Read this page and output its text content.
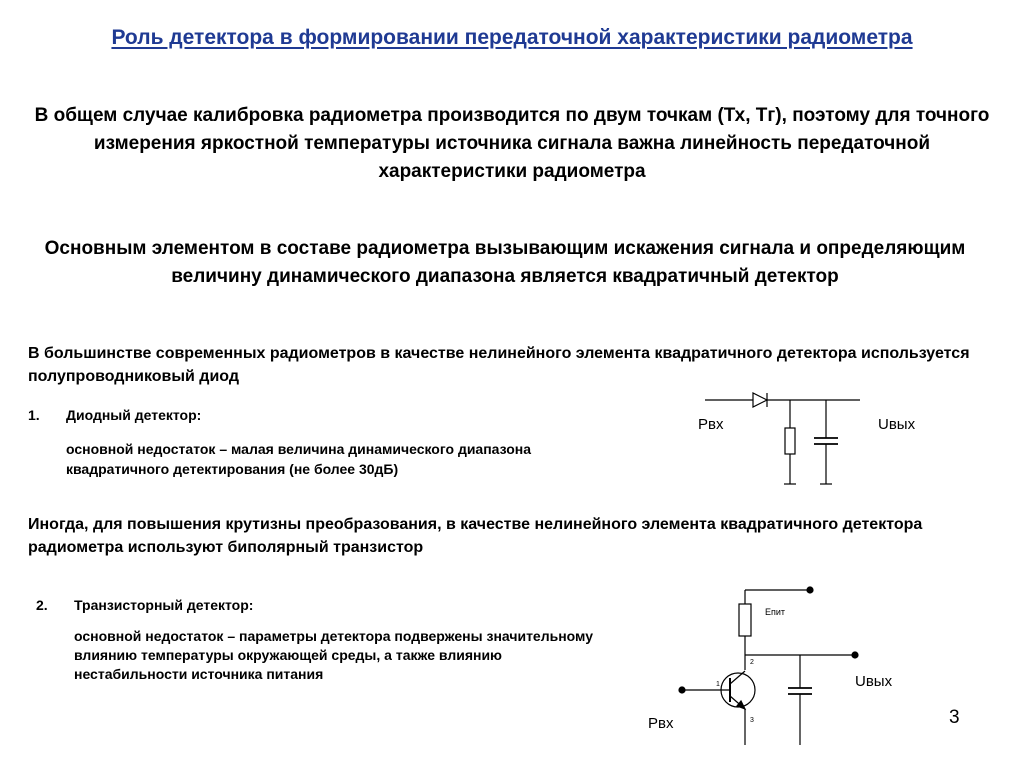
Роль детектора в формировании передаточной характеристики радиометра
В общем случае калибровка радиометра производится по двум точкам (Тх, Тг), поэтому для точного измерения яркостной температуры источника сигнала важна линейность передаточной характеристики радиометра
Основным элементом в составе радиометра вызывающим искажения сигнала и определяющим величину динамического диапазона является квадратичный детектор
В большинстве современных радиометров в качестве нелинейного элемента квадратичного детектора используется полупроводниковый диод
1. Диодный детектор:
основной недостаток – малая величина динамического диапазона квадратичного детектирования (не более 30дБ)
Иногда, для повышения крутизны преобразования, в качестве нелинейного элемента квадратичного детектора радиометра используют биполярный транзистор
2. Транзисторный детектор:
основной недостаток – параметры детектора подвержены значительному влиянию температуры окружающей среды, а также влиянию нестабильности источника питания
Pвх	Uвых
1
2
3
Епит
Uвых
Pвх	3
